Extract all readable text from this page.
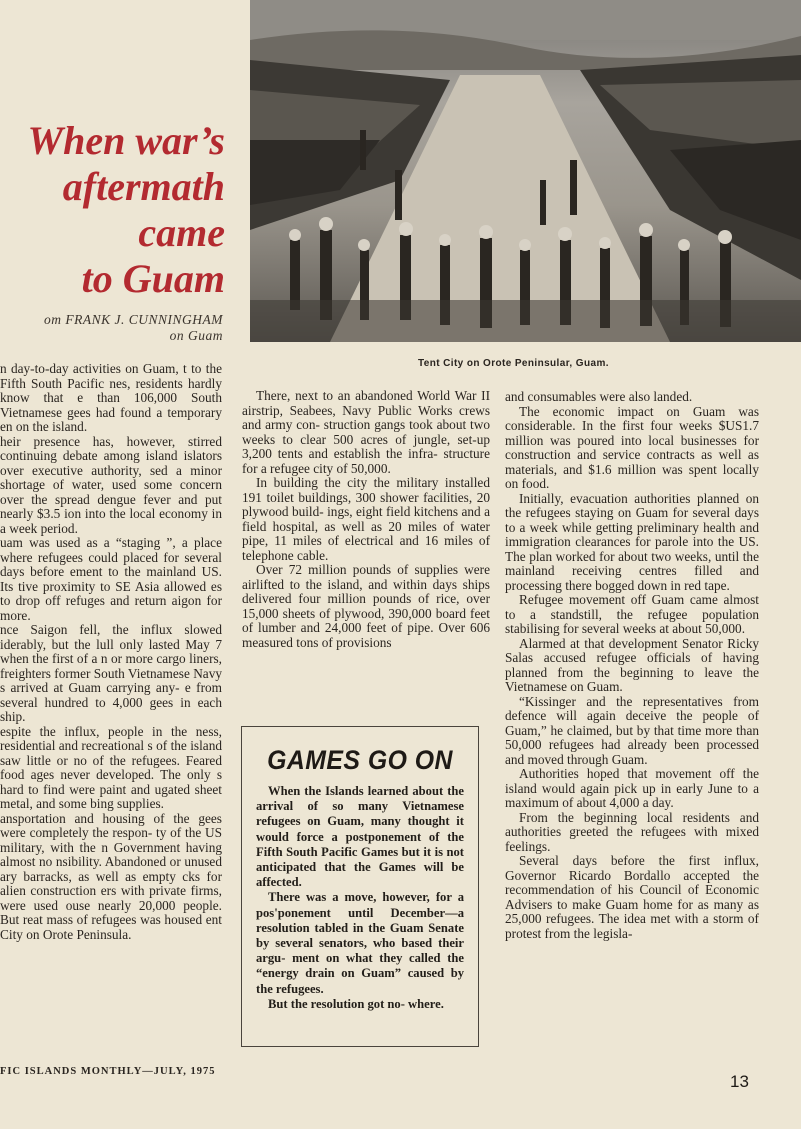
When war’s
aftermath
came
to Guam
om FRANK J. CUNNINGHAM
on Guam
Tent City on Orote Peninsular, Guam.

n day-to-day activities on Guam, t to the Fifth South Pacific nes, residents hardly know that e than 106,000 South Vietnamese gees had found a temporary en on the island.

heir presence has, however, stirred continuing debate among island islators over executive authority, sed a minor shortage of water, used some concern over the spread dengue fever and put nearly $3.5 ion into the local economy in a week period.

uam was used as a “staging ”, a place where refugees could placed for several days before ement to the mainland US. Its tive proximity to SE Asia allowed es to drop off refuges and return aigon for more.

nce Saigon fell, the influx slowed iderably, but the lull only lasted May 7 when the first of a n or more cargo liners, freighters former South Vietnamese Navy s arrived at Guam carrying any- e from several hundred to 4,000 gees in each ship.

espite the influx, people in the ness, residential and recreational s of the island saw little or no of the refugees. Feared food ages never developed. The only s hard to find were paint and ugated sheet metal, and some bing supplies.

ansportation and housing of the gees were completely the respon- ty of the US military, with the n Government having almost no nsibility. Abandoned or unused ary barracks, as well as empty cks for alien construction ers with private firms, were used ouse nearly 20,000 people. But reat mass of refugees was housed ent City on Orote Peninsula.

There, next to an abandoned World War II airstrip, Seabees, Navy Public Works crews and army con- struction gangs took about two weeks to clear 500 acres of jungle, set-up 3,200 tents and establish the infra- structure for a refugee city of 50,000.

In building the city the military installed 191 toilet buildings, 300 shower facilities, 20 plywood build- ings, eight field kitchens and a field hospital, as well as 20 miles of water pipe, 11 miles of electrical and 16 miles of telephone cable.

Over 72 million pounds of supplies were airlifted to the island, and within days ships delivered four million pounds of rice, over 15,000 sheets of plywood, 390,000 board feet of lumber and 24,000 feet of pipe. Over 606 measured tons of provisions

GAMES GO ON

When the Islands learned about the arrival of so many Vietnamese refugees on Guam, many thought it would force a postponement of the Fifth South Pacific Games but it is not anticipated that the Games will be affected.

There was a move, however, for a pos'ponement until December—a resolution tabled in the Guam Senate by several senators, who based their argu- ment on what they called the “energy drain on Guam” caused by the refugees.

But the resolution got no- where.

and consumables were also landed.

The economic impact on Guam was considerable. In the first four weeks $US1.7 million was poured into local businesses for construction and service contracts as well as materials, and $1.6 million was spent locally on food.

Initially, evacuation authorities planned on the refugees staying on Guam for several days to a week while getting preliminary health and immigration clearances for parole into the US. The plan worked for about two weeks, until the mainland receiving centres filled and processing there bogged down in red tape.

Refugee movement off Guam came almost to a standstill, the refugee population stabilising for several weeks at about 50,000.

Alarmed at that development Senator Ricky Salas accused refugee officials of having planned from the beginning to leave the Vietnamese on Guam.

“Kissinger and the representatives from defence will again deceive the people of Guam,” he claimed, but by that time more than 50,000 refugees had already been processed and moved through Guam.

Authorities hoped that movement off the island would again pick up in early June to a maximum of about 4,000 a day.

From the beginning local residents and authorities greeted the refugees with mixed feelings.

Several days before the first influx, Governor Ricardo Bordallo accepted the recommendation of his Council of Economic Advisers to make Guam home for as many as 25,000 refugees. The idea met with a storm of protest from the legisla-

FIC ISLANDS MONTHLY—JULY, 1975
13
